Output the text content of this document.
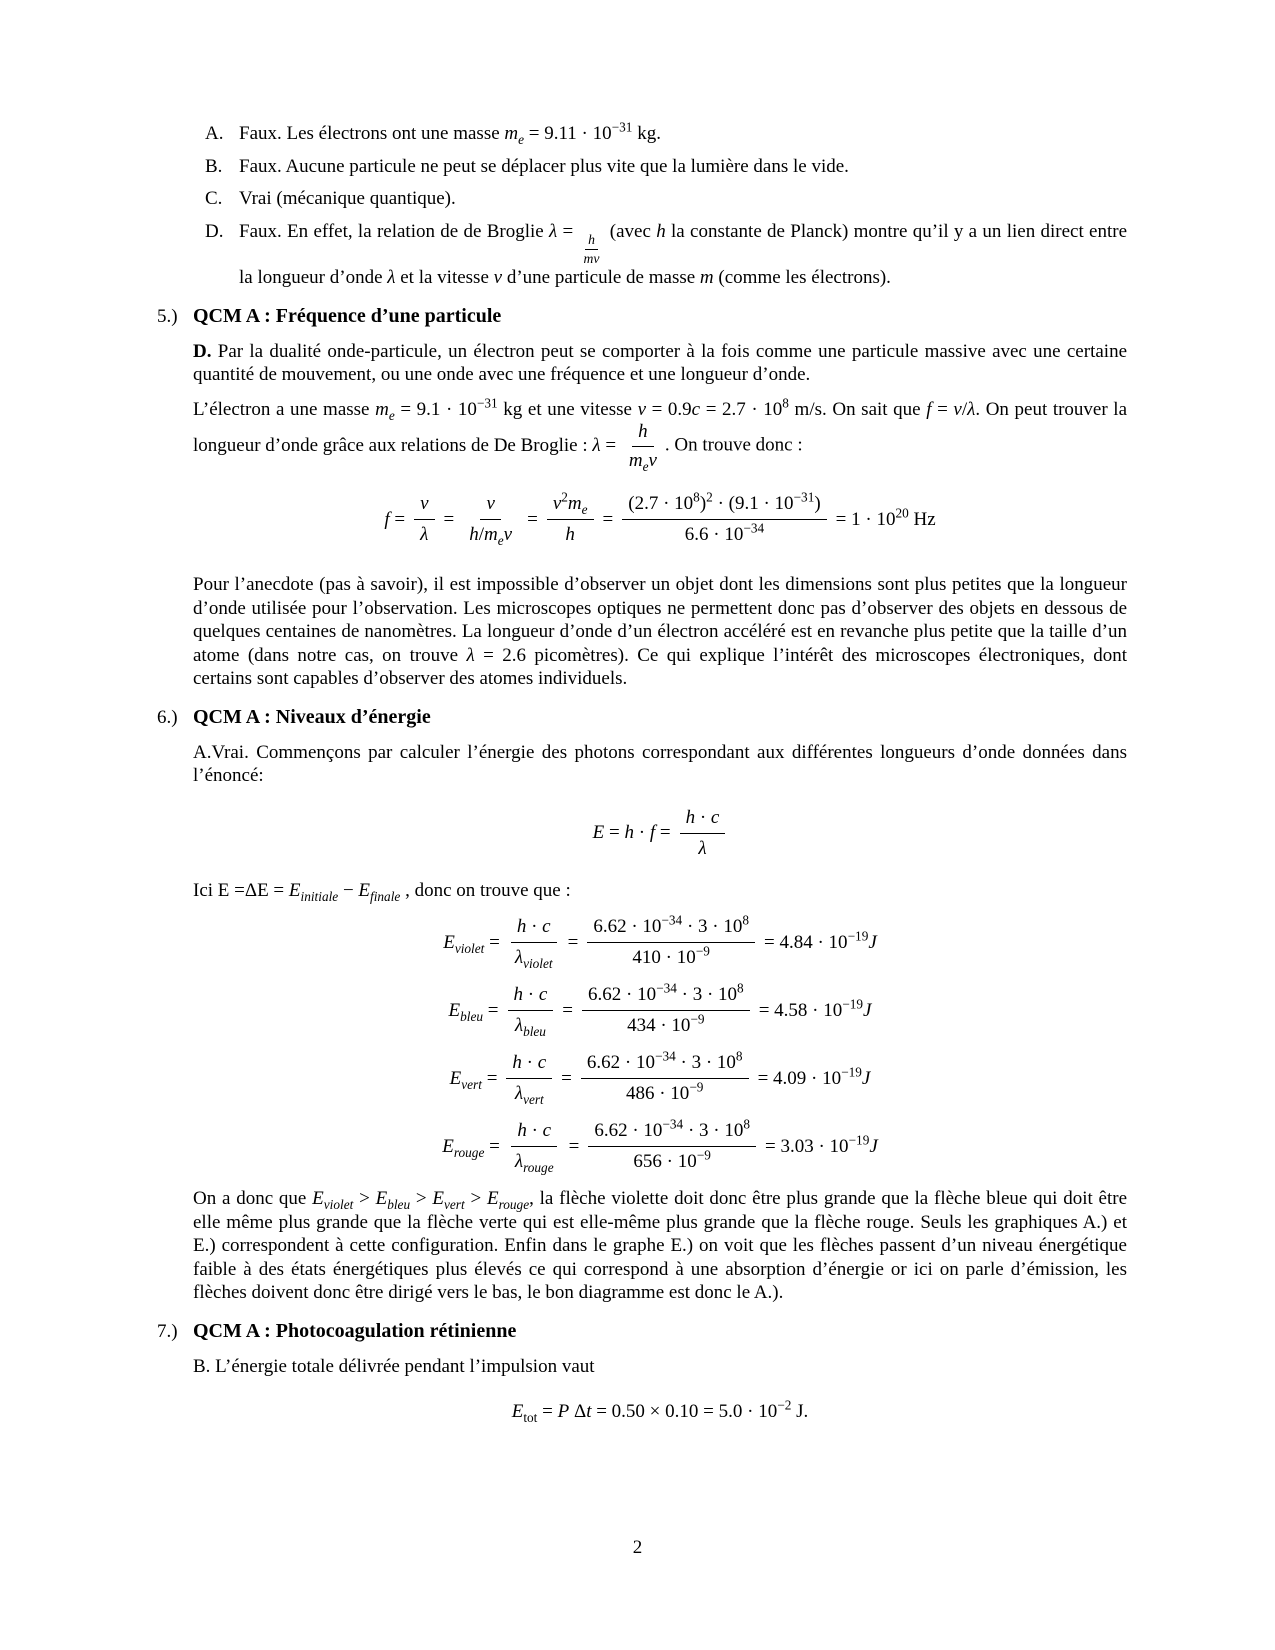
A. Faux. Les électrons ont une masse $m_e = 9.11 \cdot 10^{-31}$ kg.
B. Faux. Aucune particule ne peut se déplacer plus vite que la lumière dans le vide.
C. Vrai (mécanique quantique).
D. Faux. En effet, la relation de de Broglie λ =
$\frac{h}{mv}$
(avec h la constante de Planck) montre qu’il y a un lien direct entre la longueur d’onde λ et la vitesse v d’une particule de masse m (comme les électrons).
5.) QCM A : Fréquence d’une particule
D. Par la dualité onde-particule, un électron peut se comporter à la fois comme une particule massive avec une certaine quantité de mouvement, ou une onde avec une fréquence et une longueur d’onde.
L’électron a une masse $m_e = 9.1 \cdot 10^{-31}$ kg et une vitesse $v = 0.9c = 2.7 \cdot 10^8$ m/s. On sait que f = v/λ. On peut trouver la longueur d’onde grâce aux relations de De Broglie : λ =
h
$m_ev$
. On trouve donc :
$f = \frac{v}{\lambda} = \frac{v}{h/m_ev} = \frac{v^2m_e}{h} = \frac{(2.7 \cdot 10^8)^2 \cdot (9.1 \cdot 10^{-31})}{6.6 \cdot 10^{-34}} = 1 \cdot 10^{20}$ Hz
Pour l’anecdote (pas à savoir), il est impossible d’observer un objet dont les dimensions sont plus petites que la longueur d’onde utilisée pour l’observation. Les microscopes optiques ne permettent donc pas d’observer des objets en dessous de quelques centaines de nanomètres. La longueur d’onde d’un électron accéléré est en revanche plus petite que la taille d’un atome (dans notre cas, on trouve λ = 2.6 picomètres). Ce qui explique l’intérêt des microscopes électroniques, dont certains sont capables d’observer des atomes individuels.
6.) QCM A : Niveaux d’énergie
A.Vrai. Commençons par calculer l’énergie des photons correspondant aux différentes longueurs d’onde données dans l’énoncé:
$E = h \cdot f = \frac{h \cdot c}{\lambda}$
Ici $E =\Delta E = E_{initiale} - E_{finale}$ , donc on trouve que :
$E_{violet} = \frac{h \cdot c}{\lambda_{violet}} = \frac{6.62 \cdot 10^{-34} \cdot 3 \cdot 10^8}{410 \cdot 10^{-9}} = 4.84 \cdot 10^{-19}J$
$E_{bleu} = \frac{h \cdot c}{\lambda_{bleu}} = \frac{6.62 \cdot 10^{-34} \cdot 3 \cdot 10^8}{434 \cdot 10^{-9}} = 4.58 \cdot 10^{-19}J$
$E_{vert} = \frac{h \cdot c}{\lambda_{vert}} = \frac{6.62 \cdot 10^{-34} \cdot 3 \cdot 10^8}{486 \cdot 10^{-9}} = 4.09 \cdot 10^{-19}J$
$E_{rouge} = \frac{h \cdot c}{\lambda_{rouge}} = \frac{6.62 \cdot 10^{-34} \cdot 3 \cdot 10^8}{656 \cdot 10^{-9}} = 3.03 \cdot 10^{-19}J$
On a donc que $E_{violet} > E_{bleu} > E_{vert} > E_{rouge}$, la flèche violette doit donc être plus grande que la flèche bleue qui doit être elle même plus grande que la flèche verte qui est elle-même plus grande que la flèche rouge. Seuls les graphiques A.) et E.) correspondent à cette configuration. Enfin dans le graphe E.) on voit que les flèches passent d’un niveau énergétique faible à des états énergétiques plus élevés ce qui correspond à une absorption d’énergie or ici on parle d’émission, les flèches doivent donc être dirigé vers le bas, le bon diagramme est donc le A.).
7.) QCM A : Photocoagulation rétinienne
B. L’énergie totale délivrée pendant l’impulsion vaut
$E_{tot} = P$ $\Delta t = 0.50 \times 0.10 = 5.0 \cdot 10^{-2}$ J.
2
